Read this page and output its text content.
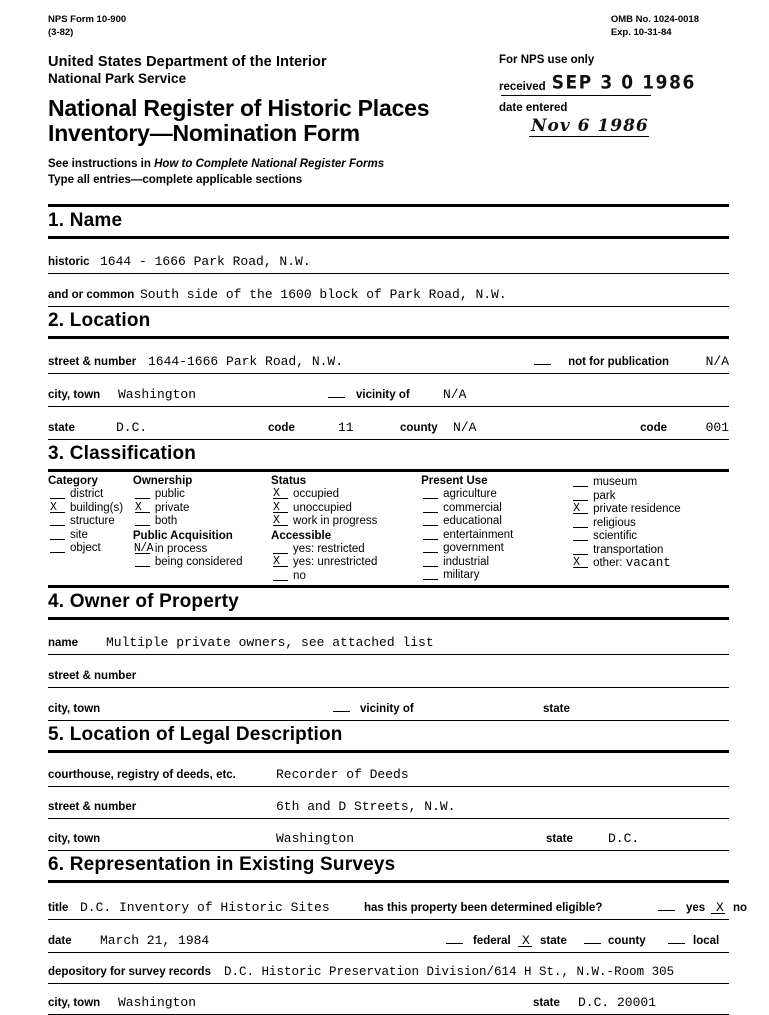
NPS Form 10-900
(3-82)
OMB No. 1024-0018
Exp. 10-31-84
United States Department of the Interior
National Park Service
National Register of Historic Places
Inventory—Nomination Form
See instructions in How to Complete National Register Forms
Type all entries—complete applicable sections
For NPS use only
received SEP 3 0 1986
date entered
Nov 6 1986
1. Name
historic 1644 - 1666 Park Road, N.W.
and or common South side of the 1600 block of Park Road, N.W.
2. Location
street & number 1644-1666 Park Road, N.W.	not for publication	N/A
city, town Washington	vicinity of	N/A
state	D.C.	code	11	county N/A	code	001
3. Classification
Category
district
X building(s)
structure
site
object
Ownership
public
X private
both
Public Acquisition
N/A in process
being considered
Status
X occupied
X unoccupied
X work in progress
Accessible
yes: restricted
X yes: unrestricted
no
Present Use
agriculture
commercial
educational
entertainment
government
industrial
military
museum
park
X private residence
religious
scientific
transportation
X other: vacant
4. Owner of Property
name Multiple private owners, see attached list
street & number
city, town	vicinity of	state
5. Location of Legal Description
courthouse, registry of deeds, etc.	Recorder of Deeds
street & number	6th and D Streets, N.W.
city, town	Washington	state	D.C.
6. Representation in Existing Surveys
title D.C. Inventory of Historic Sites	has this property been determined eligible?	yes X no
date March 21, 1984	federal X state	county	local
depository for survey records D.C. Historic Preservation Division/614 H St., N.W.-Room 305
city, town Washington	state D.C. 20001
